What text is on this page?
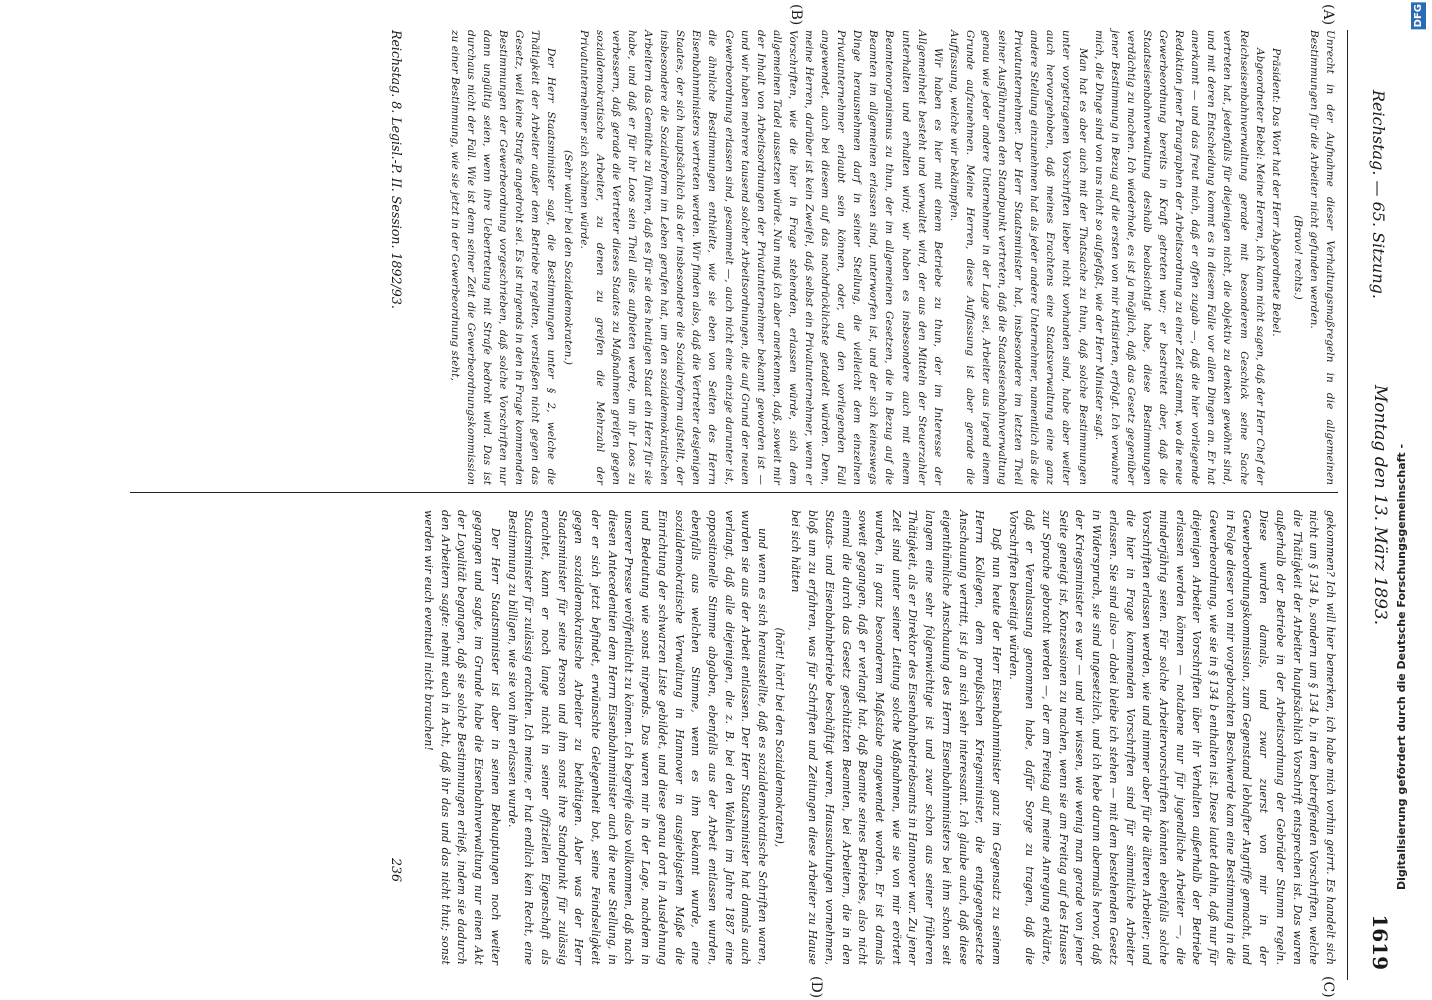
Reichstag. — 65. Sitzung.
Montag den 13. März 1893.
1619
(A)
(B)
(C)
(D)

Unrecht in der Aufnahme dieser Verhaltungsmaßregeln in die allgemeinen Bestimmungen für die Arbeiter nicht gefunden werden.

(Bravo! rechts.)

Präsident: Das Wort hat der Herr Abgeordnete Bebel.

Abgeordneter Bebel: Meine Herren, ich kann nicht sagen, daß der Herr Chef der Reichseisenbahnverwaltung gerade mit besonderem Geschick seine Sache vertreten hat, jedenfalls für diejenigen nicht, die objektiv zu denken gewöhnt sind, und mit deren Entscheidung kommt es in diesem Falle vor allen Dingen an. Er hat anerkannt — und das freut mich, daß er offen zugab —, daß die hier vorliegende Redaktion jener Paragraphen der Arbeitsordnung zu einer Zeit stammt, wo die neue Gewerbeordnung bereits in Kraft getreten war; er bestreitet aber, daß die Staatseisenbahnverwaltung deshalb beabsichtigt habe, diese Bestimmungen verdächtig zu machen. Ich wiederhole, es ist ja möglich, daß das Gesetz gegenüber jener Bestimmung in Bezug auf die ersten von mir kritisirten, erfolgt. Ich verwahre mich, die Dinge sind von uns nicht so aufgefaßt, wie der Herr Minister sagt.

Man hat es aber auch mit der Thatsache zu thun, daß solche Bestimmungen unter vorgetragenen Vorschriften lieber nicht vorhanden sind, habe aber weiter auch hervorgehoben, daß meines Erachtens eine Staatsverwaltung eine ganz andere Stellung einzunehmen hat als jeder andere Unternehmer, namentlich als die Privatunternehmer. Der Herr Staatsminister hat, insbesondere im letzten Theil seiner Ausführungen den Standpunkt vertreten, daß die Staatseisenbahnverwaltung genau wie jeder andere Unternehmer in der Lage sei, Arbeiter aus irgend einem Grunde aufzunehmen. Meine Herren, diese Auffassung ist aber gerade die Auffassung, welche wir bekämpfen.

Wir haben es hier mit einem Betriebe zu thun, der im Interesse der Allgemeinheit besteht und verwaltet wird, der aus den Mitteln der Steuerzahler unterhalten und erhalten wird; wir haben es insbesondere auch mit einem Beamtenorganismus zu thun, der im allgemeinen Gesetzen, die in Bezug auf die Beamten im allgemeinen erlassen sind, unterworfen ist, und der sich keineswegs Dinge herausnehmen darf in seiner Stellung, die vielleicht dem einzelnen Privatunternehmer erlaubt sein können, oder, auf den vorliegenden Fall angewendet, auch bei diesem auf das nachdrücklichste getadelt würden. Denn, meine Herren, darüber ist kein Zweifel, daß selbst ein Privatunternehmer, wenn er Vorschriften, wie die hier in Frage stehenden, erlassen würde, sich dem allgemeinen Tadel aussetzen würde. Nun muß ich aber anerkennen, daß, soweit mir der Inhalt von Arbeitsordnungen der Privatunternehmer bekannt geworden ist — und wir haben mehrere tausend solcher Arbeitsordnungen, die auf Grund der neuen Gewerbeordnung erlassen sind, gesammelt —, auch nicht eine einzige darunter ist, die ähnliche Bestimmungen enthielte, wie sie eben von Seiten des Herrn Eisenbahnministers vertreten werden. Wir finden also, daß die Vertreter desjenigen Staates, der sich hauptsächlich als der insbesondere die Sozialreform aufstellt, der insbesondere die Sozialreform im Leben gerufen hat, um den sozialdemokratischen Arbeitern das Gemüthe zu führen, daß es für sie des heutigen Staat ein Herz für sie habe, und daß er für ihr Loos sein Theil alles aufbieten werde, um ihr Loos zu verbessern, daß gerade die Vertreter dieses Staates zu Maßnahmen greifen gegen sozialdemokratische Arbeiter, zu denen zu greifen die Mehrzahl der Privatunternehmer sich schämen würde.

(Sehr wahr! bei den Sozialdemokraten.)

Der Herr Staatsminister sagt, die Bestimmungen unter § 2, welche die Thätigkeit der Arbeiter außer dem Betriebe regelten, verstießen nicht gegen das Gesetz, weil keine Strafe angedroht sei. Es ist nirgends in den in Frage kommenden Bestimmungen der Gewerbeordnung vorgeschrieben, daß solche Vorschriften nur dann ungültig seien, wenn ihre Uebertretung mit Strafe bedroht wird. Das ist durchaus nicht der Fall. Wie ist denn seiner Zeit die Gewerbeordnungskommission zu einer Bestimmung, wie sie jetzt in der Gewerbeordnung steht,

gekommen? Ich will hier bemerken, ich habe mich vorhin geirrt. Es handelt sich nicht um § 134 b, sondern um § 134 b, in dem betreffenden Vorschriften, welche die Thätigkeit der Arbeiter hauptsächlich Vorschrift entsprechen ist. Das waren außerhalb der Betriebe in der Arbeitsordnung der Gebrüder Stumm regeln. Diese wurden damals, und zwar zuerst von mir in der Gewerbeordnungskommission, zum Gegenstand lebhafter Angriffe gemacht, und in Folge dieser von mir vorgebrachten Beschwerde kam eine Bestimmung in die Gewerbeordnung, wie sie in § 134 b enthalten ist. Diese lautet dahin, daß nur für diejenigen Arbeiter Vorschriften über ihr Verhalten außerhalb der Betriebe erlassen werden können — notabene nur für jugendliche Arbeiter —, die minderjährig seien. Für solche Arbeitervorschriften könnten ebenfalls solche Vorschriften erlassen werden, wie und nimmer aber für die älteren Arbeiter; und die hier in Frage kommenden Vorschriften sind für sämmtliche Arbeiter erlassen. Sie sind also — dabei bleibe ich stehen — mit dem bestehenden Gesetz in Widerspruch, sie sind ungesetzlich, und ich hebe darum abermals hervor, daß der Kriegsminister es war — und wir wissen, wie wenig man gerade von jener Seite geneigt ist, Konzessionen zu machen, wenn sie am Freitag auf des Hauses zur Sprache gebracht werden —, der am Freitag auf meine Anregung erklärte, daß er Veranlassung genommen habe, dafür Sorge zu tragen, daß die Vorschriften beseitigt würden.

Daß nun heute der Herr Eisenbahnminister ganz im Gegensatz zu seinem Herrn Kollegen, dem preußischen Kriegsminister, die entgegengesetzte Anschauung vertritt, ist ja an sich sehr interessant. Ich glaube auch, daß diese eigenthümliche Anschauung des Herrn Eisenbahnministers bei ihm schon seit langem eine sehr folgenwichtige ist und zwar schon aus seiner früheren Thätigkeit, als er Direktor des Eisenbahnbetriebsamts in Hannover war. Zu jener Zeit sind unter seiner Leitung solche Maßnahmen, wie sie von mir erörtert wurden, in ganz besonderem Maßstabe angewendet worden. Er ist damals soweit gegangen, daß er verlangt hat, daß Beamte seines Betriebes, also nicht einmal die durch das Gesetz geschützten Beamten, bei Arbeitern, die in den Staats- und Eisenbahnbetriebe beschäftigt waren, Haussuchungen vornehmen, bloß um zu erfahren, was für Schriften und Zeitungen diese Arbeiter zu Hause bei sich hätten

(hört! hört! bei den Sozialdemokraten),

und wenn es sich herausstellte, daß es sozialdemokratische Schriften waren, wurden sie aus der Arbeit entlassen. Der Herr Staatsminister hat damals auch verlangt, daß alle diejenigen, die z. B. bei den Wahlen im Jahre 1887 eine oppositionelle Stimme abgaben, ebenfalls aus der Arbeit entlassen wurden, ebenfalls aus welchen Stimme, wenn es ihm bekannt wurde, eine sozialdemokratische Verwaltung in Hannover in ausgiebigstem Maße die Einrichtung der schwarzen Liste gebildet, und diese genau dort in Ausdehnung und Bedeutung wie sonst nirgends. Das waren mir in der Lage, nachdem in unserer Presse veröffentlicht zu können. Ich begreife also vollkommen, daß nach diesen Antecedentien dem Herrn Eisenbahnminister auch die neue Stellung, in der er sich jetzt befindet, erwünschte Gelegenheit bot, seine Feindseligkeit gegen sozialdemokratische Arbeiter zu bethätigen. Aber was der Herr Staatsminister für seine Person und ihm sonst ihre Standpunkt für zulässig erachtet, kann er noch lange nicht in seiner offiziellen Eigenschaft als Staatsminister für zulässig erachten. Ich meine, er hat endlich kein Recht, eine Bestimmung zu billigen, wie sie von ihm erlassen wurde.

Der Herr Staatsminister ist aber in seinen Behauptungen noch weiter gegangen und sagte, im Grunde habe die Eisenbahnverwaltung nur einen Akt der Loyalität begangen, daß sie solche Bestimmungen erließ, indem sie dadurch den Arbeitern sagte: nehmt euch in Acht, daß ihr das und das nicht thut; sonst werden wir euch eventuell nicht brauchen!

Reichstag. 8. Legisl.-P. II. Session. 1892/93.
236
DFG
Digitalisierung gefördert durch die Deutsche Forschungsgemeinschaft -
